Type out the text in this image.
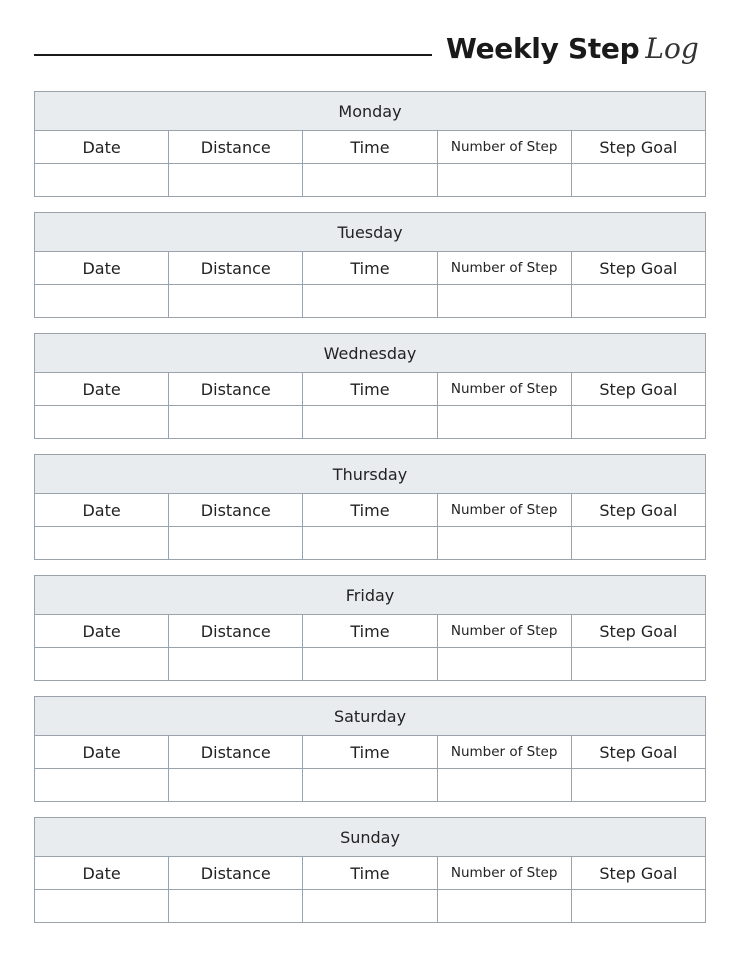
Weekly Step Log
Monday				
Date	Distance	Time	Number of Step	Step Goal

Tuesday				
Date	Distance	Time	Number of Step	Step Goal

Wednesday				
Date	Distance	Time	Number of Step	Step Goal

Thursday				
Date	Distance	Time	Number of Step	Step Goal

Friday				
Date	Distance	Time	Number of Step	Step Goal

Saturday				
Date	Distance	Time	Number of Step	Step Goal

Sunday				
Date	Distance	Time	Number of Step	Step Goal
